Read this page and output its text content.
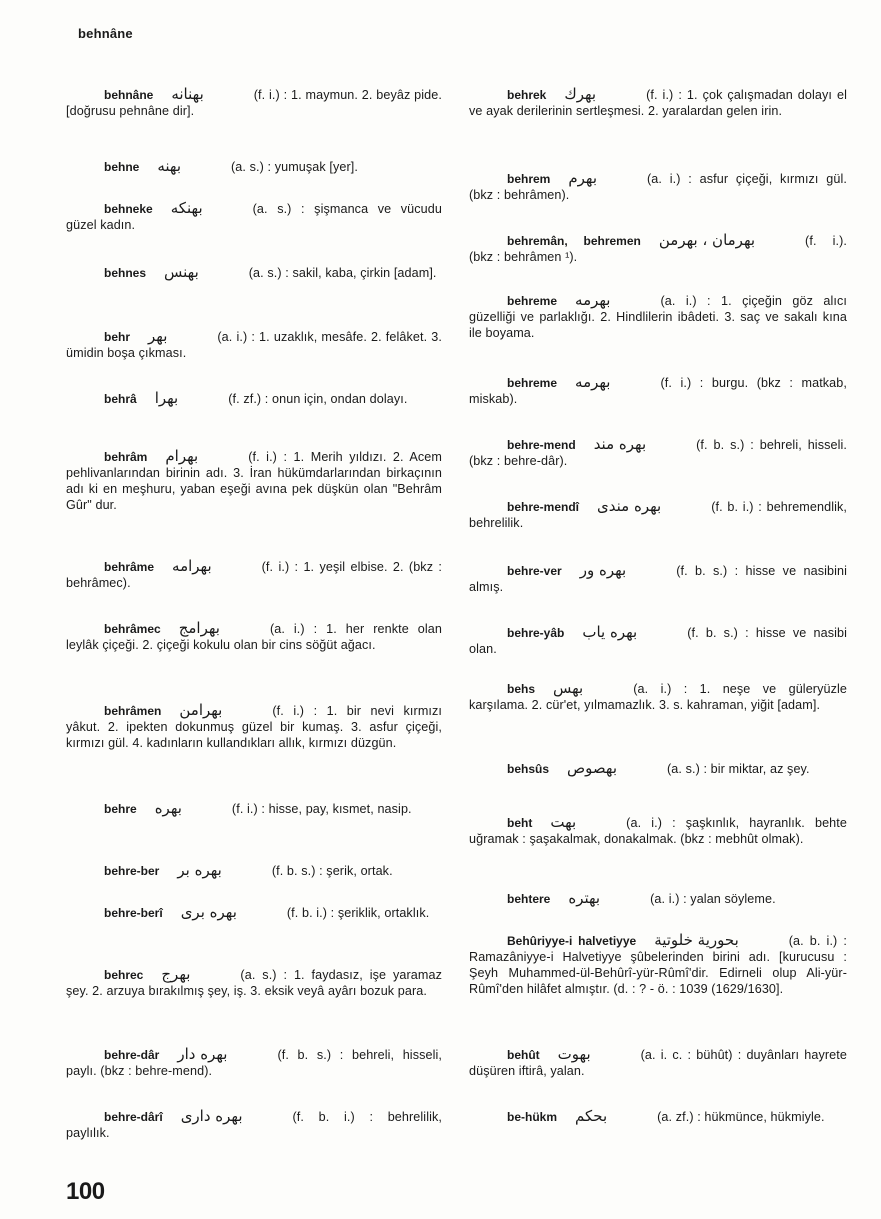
behnâne
behnâne بهنانه	(f. i.) : 1. maymun. 2. beyâz pide. [doğrusu pehnâne dir].
behne بهنه	(a. s.) : yumuşak [yer].
behneke بهنكه	(a. s.) : şişmanca ve vücudu güzel kadın.
behnes بهنس	(a. s.) : sakil, kaba, çirkin [adam].
behr بهر	(a. i.) : 1. uzaklık, mesâfe. 2. felâket. 3. ümidin boşa çıkması.
behrâ بهرا	(f. zf.) : onun için, ondan dolayı.
behrâm بهرام	(f. i.) : 1. Merih yıldızı. 2. Acem pehlivanlarından birinin adı. 3. İran hükümdarlarından birkaçının adı ki en meşhuru, yaban eşeği avına pek düşkün olan "Behrâm Gûr" dur.
behrâme بهرامه	(f. i.) : 1. yeşil elbise. 2. (bkz : behrâmec).
behrâmec بهرامج	(a. i.) : 1. her renkte olan leylâk çiçeği. 2. çiçeği kokulu olan bir cins söğüt ağacı.
behrâmen بهرامن	(f. i.) : 1. bir nevi kırmızı yâkut. 2. ipekten dokunmuş güzel bir kumaş. 3. asfur çiçeği, kırmızı gül. 4. kadınların kullandıkları allık, kırmızı düzgün.
behre بهره	(f. i.) : hisse, pay, kısmet, nasip.
behre-ber بهره بر	(f. b. s.) : şerik, ortak.
behre-berî بهره برى	(f. b. i.) : şeriklik, ortaklık.
behrec بهرج	(a. s.) : 1. faydasız, işe yaramaz şey. 2. arzuya bırakılmış şey, iş. 3. eksik veyâ ayârı bozuk para.
behre-dâr بهره دار	(f. b. s.) : behreli, hisseli, paylı. (bkz : behre-mend).
behre-dârî بهره دارى	(f. b. i.) : behrelilik, paylılık.
behrek بهرك	(f. i.) : 1. çok çalışmadan dolayı el ve ayak derilerinin sertleşmesi. 2. yaralardan gelen irin.
behrem بهرم	(a. i.) : asfur çiçeği, kırmızı gül. (bkz : behrâmen).
behremân, behremen بهرمان ، بهرمن	(f. i.). (bkz : behrâmen ¹).
behreme بهرمه	(a. i.) : 1. çiçeğin göz alıcı güzelliği ve parlaklığı. 2. Hindlilerin ibâdeti. 3. saç ve sakalı kına ile boyama.
behreme بهرمه	(f. i.) : burgu. (bkz : matkab, miskab).
behre-mend بهره مند	(f. b. s.) : behreli, hisseli. (bkz : behre-dâr).
behre-mendî بهره مندى	(f. b. i.) : behremendlik, behrelilik.
behre-ver بهره ور	(f. b. s.) : hisse ve nasibini almış.
behre-yâb بهره ياب	(f. b. s.) : hisse ve nasibi olan.
behs بهس	(a. i.) : 1. neşe ve güleryüzle karşılama. 2. cür'et, yılmamazlık. 3. s. kahraman, yiğit [adam].
behsûs بهصوص	(a. s.) : bir miktar, az şey.
beht بهت	(a. i.) : şaşkınlık, hayranlık. behte uğramak : şaşakalmak, donakalmak. (bkz : mebhût olmak).
behtere بهتره	(a. i.) : yalan söyleme.
Behûriyye-i halvetiyye بحورية خلوتية	(a. b. i.) : Ramazâniyye-i Halvetiyye şûbelerinden birini adı. [kurucusu : Şeyh Muhammed-ül-Behûrî-yür-Rûmî'dir. Edirneli olup Ali-yür-Rûmî'den hilâfet almıştır. (d. : ? - ö. : 1039 (1629/1630].
behût بهوت	(a. i. c. : bühût) : duyânları hayrete düşüren iftirâ, yalan.
be-hükm بحكم	(a. zf.) : hükmünce, hükmiyle.
100
